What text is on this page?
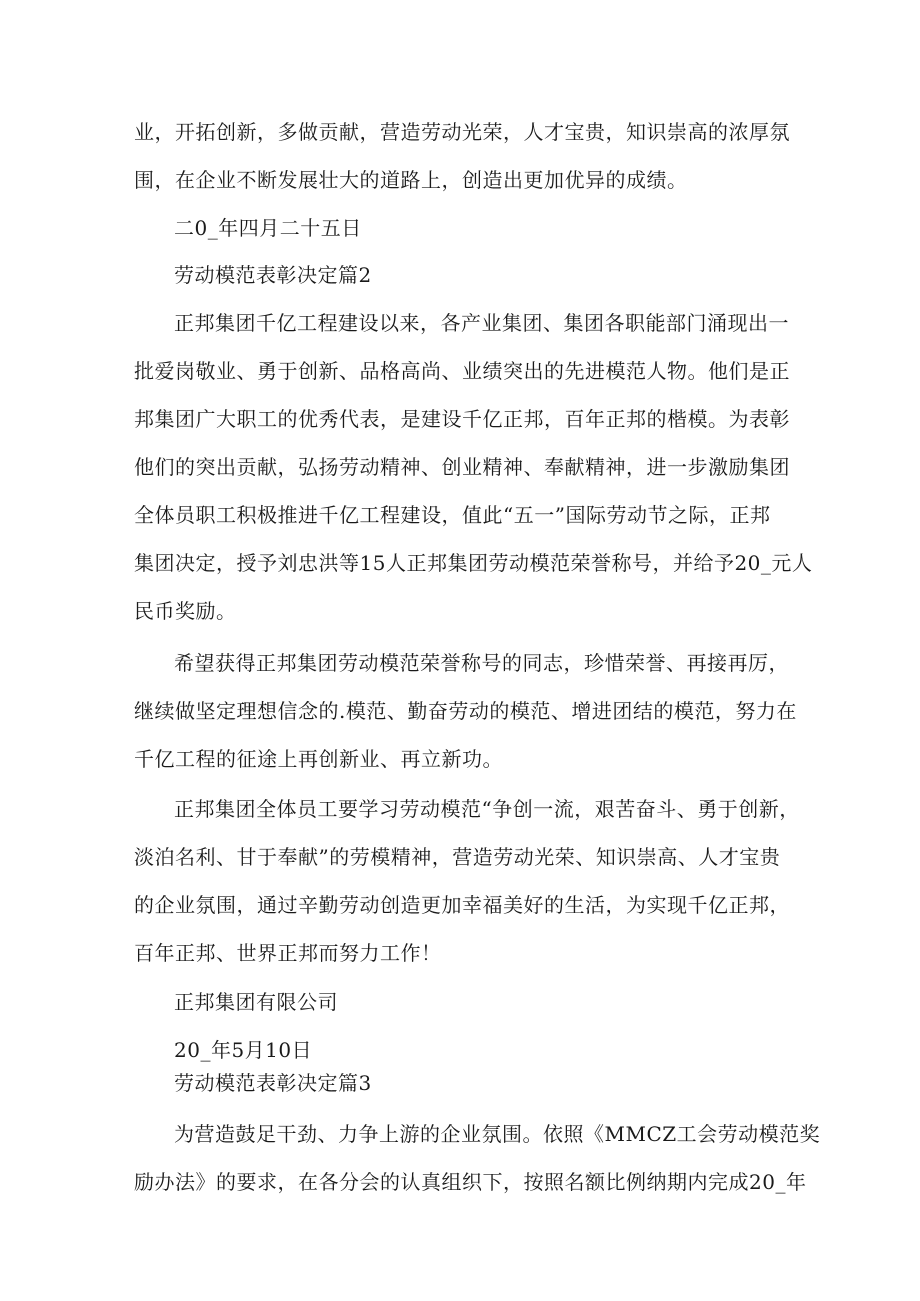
业，开拓创新，多做贡献，营造劳动光荣，人才宝贵，知识崇高的浓厚氛
围，在企业不断发展壮大的道路上，创造出更加优异的成绩。
二0_年四月二十五日
劳动模范表彰决定篇2
正邦集团千亿工程建设以来，各产业集团、集团各职能部门涌现出一
批爱岗敬业、勇于创新、品格高尚、业绩突出的先进模范人物。他们是正
邦集团广大职工的优秀代表，是建设千亿正邦，百年正邦的楷模。为表彰
他们的突出贡献，弘扬劳动精神、创业精神、奉献精神，进一步激励集团
全体员职工积极推进千亿工程建设，值此“五一”国际劳动节之际，正邦
集团决定，授予刘忠洪等15人正邦集团劳动模范荣誉称号，并给予20_元人
民币奖励。
希望获得正邦集团劳动模范荣誉称号的同志，珍惜荣誉、再接再厉，
继续做坚定理想信念的.模范、勤奋劳动的模范、增进团结的模范，努力在
千亿工程的征途上再创新业、再立新功。
正邦集团全体员工要学习劳动模范“争创一流，艰苦奋斗、勇于创新，
淡泊名利、甘于奉献”的劳模精神，营造劳动光荣、知识崇高、人才宝贵
的企业氛围，通过辛勤劳动创造更加幸福美好的生活，为实现千亿正邦，
百年正邦、世界正邦而努力工作！
正邦集团有限公司
20_年5月10日
劳动模范表彰决定篇3
为营造鼓足干劲、力争上游的企业氛围。依照《MMCZ工会劳动模范奖
励办法》的要求，在各分会的认真组织下，按照名额比例纳期内完成20_年
